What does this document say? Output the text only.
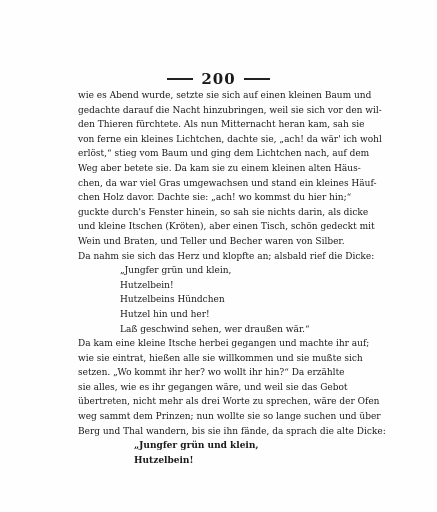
200
wie es Abend wurde, setzte sie sich auf einen kleinen Baum und
gedachte darauf die Nacht hinzubringen, weil sie sich vor den wil-
den Thieren fürchtete. Als nun Mitternacht heran kam, sah sie
von ferne ein kleines Lichtchen, dachte sie, „ach! da wär' ich wohl
erlöst,“ stieg vom Baum und ging dem Lichtchen nach, auf dem
Weg aber betete sie. Da kam sie zu einem kleinen alten Häus-
chen, da war viel Gras umgewachsen und stand ein kleines Häuf-
chen Holz davor. Dachte sie: „ach! wo kommst du hier hin;“
guckte durch's Fenster hinein, so sah sie nichts darin, als dicke
und kleine Itschen (Kröten), aber einen Tisch, schön gedeckt mit
Wein und Braten, und Teller und Becher waren von Silber.
Da nahm sie sich das Herz und klopfte an; alsbald rief die Dicke:
„Jungfer grün und klein,
Hutzelbein!
Hutzelbeins Hündchen
Hutzel hin und her!
Laß geschwind sehen, wer draußen wär.“
Da kam eine kleine Itsche herbei gegangen und machte ihr auf;
wie sie eintrat, hießen alle sie willkommen und sie mußte sich
setzen. „Wo kommt ihr her? wo wollt ihr hin?“ Da erzählte
sie alles, wie es ihr gegangen wäre, und weil sie das Gebot
übertreten, nicht mehr als drei Worte zu sprechen, wäre der Ofen
weg sammt dem Prinzen; nun wollte sie so lange suchen und über
Berg und Thal wandern, bis sie ihn fände, da sprach die alte Dicke:
„Jungfer grün und klein,
Hutzelbein!
